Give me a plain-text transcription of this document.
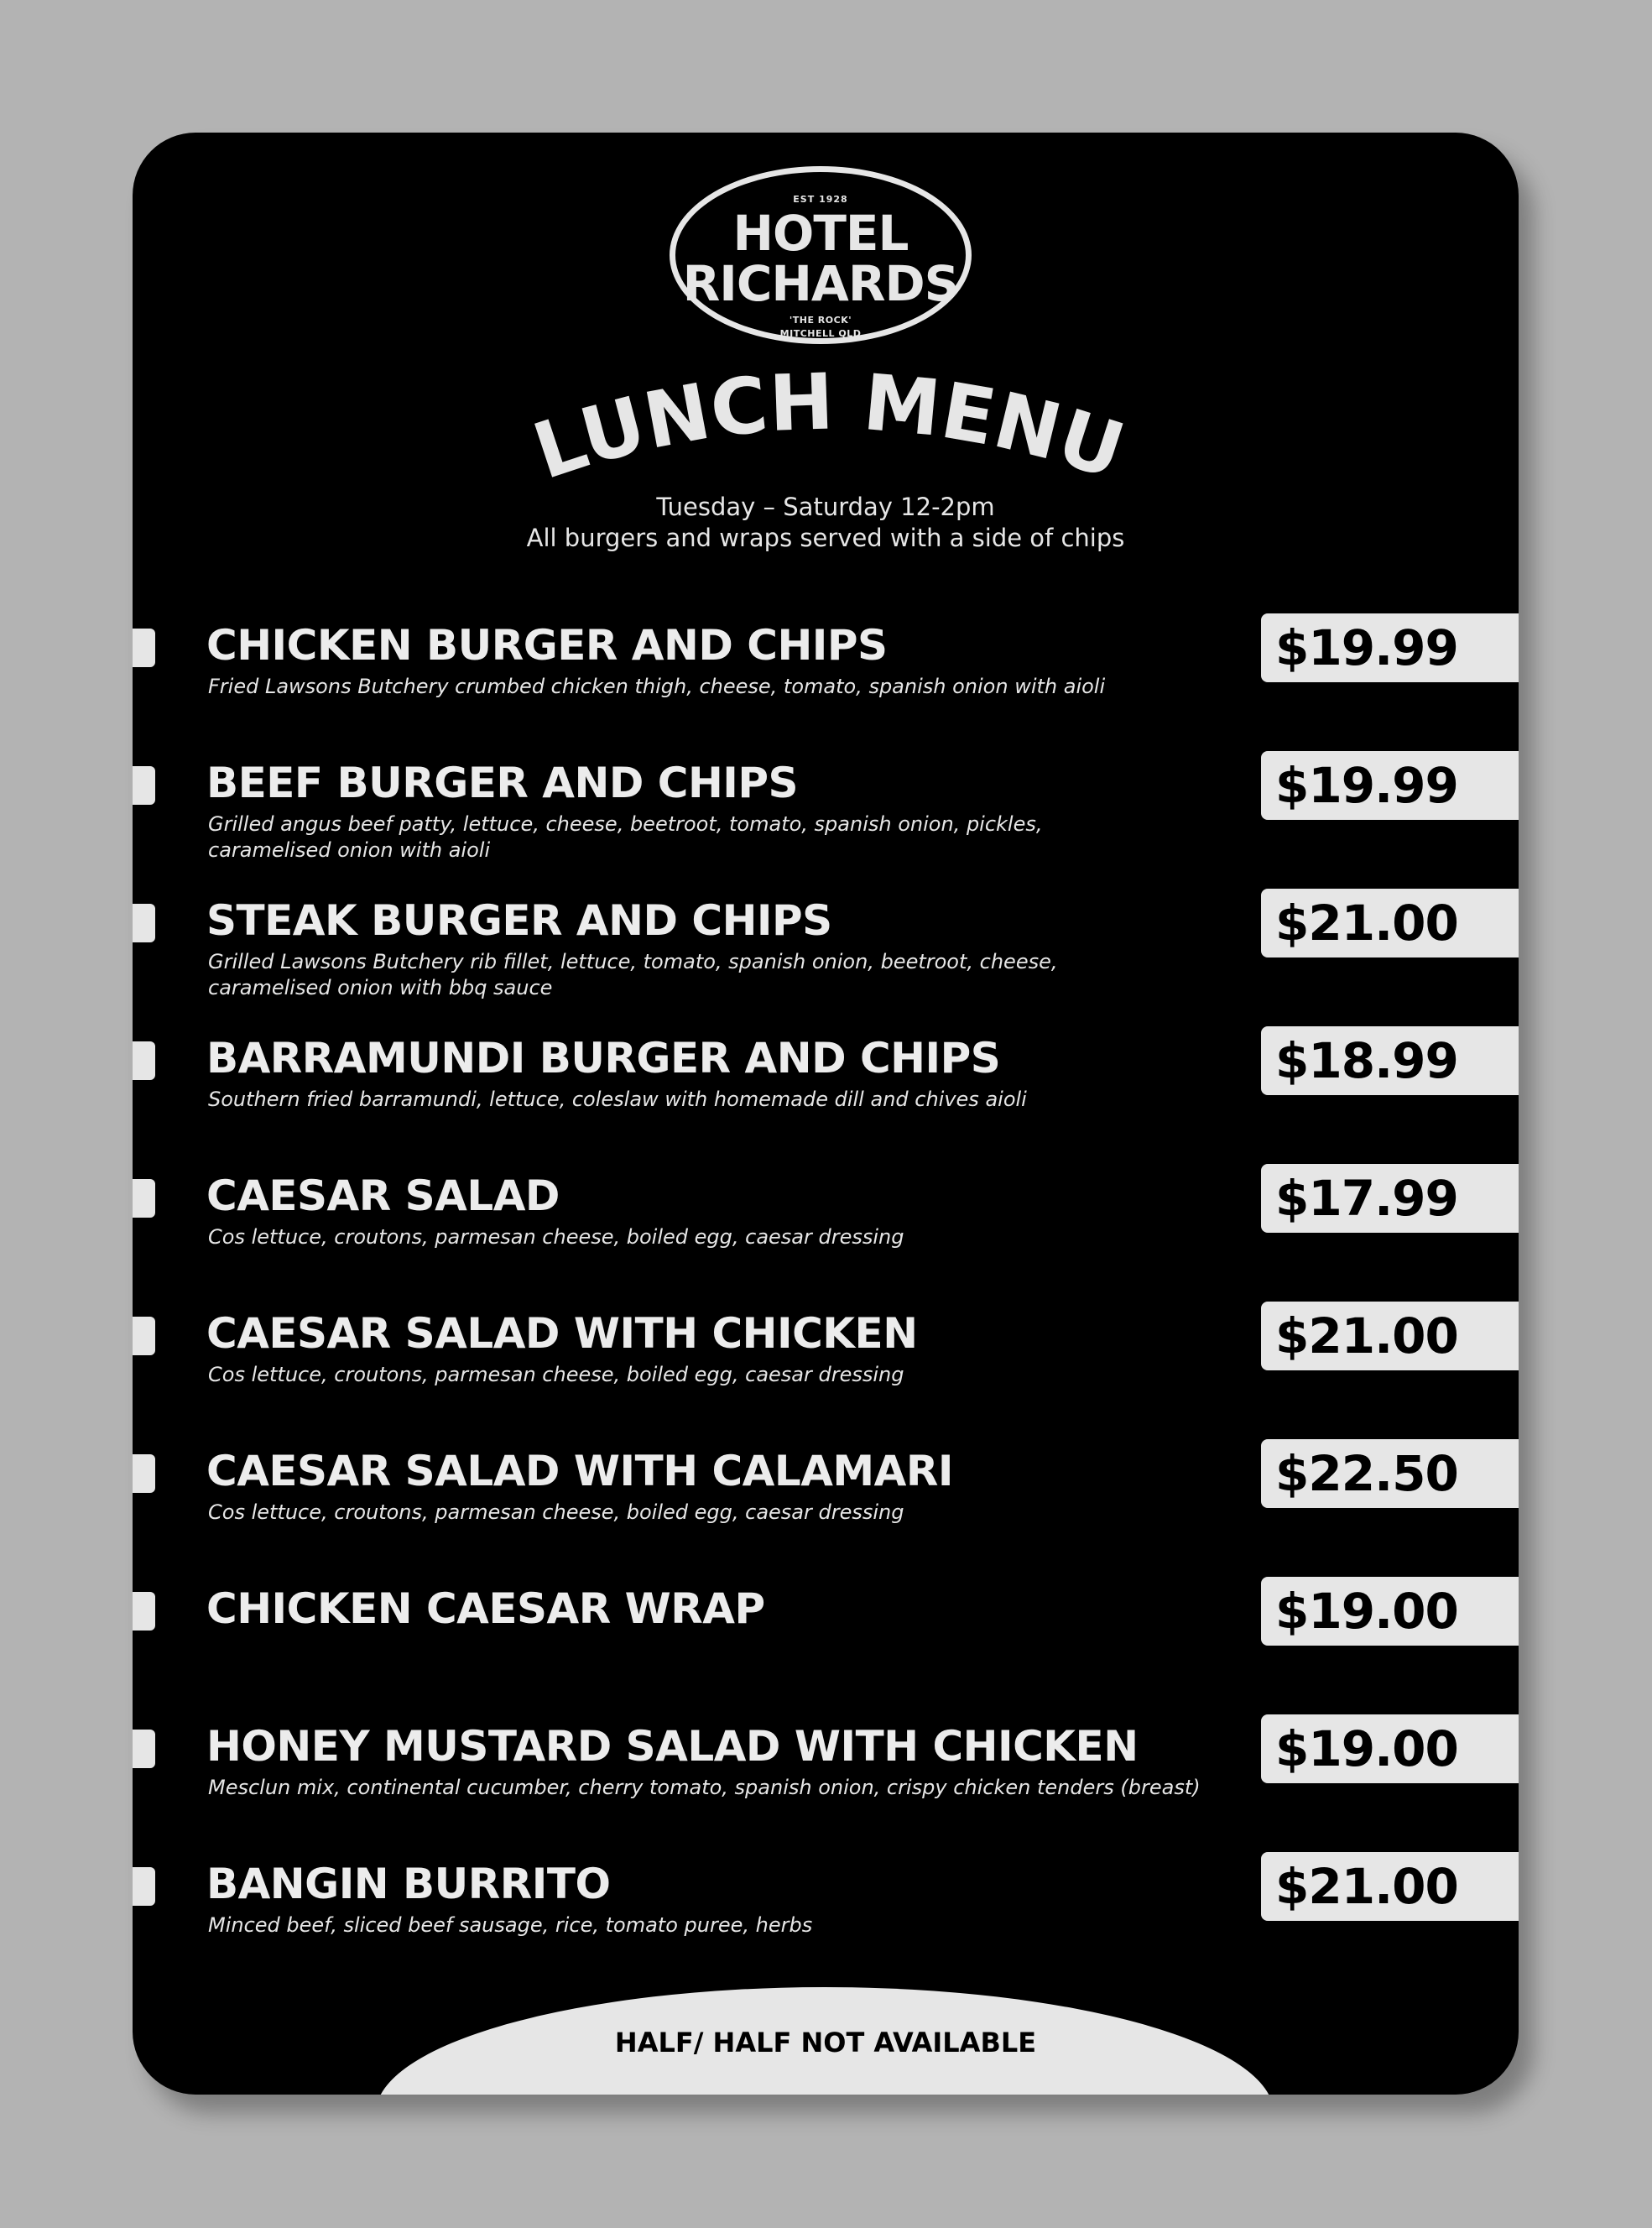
EST 1928
HOTEL
RICHARDS
'THE ROCK'
MITCHELL QLD
LUNCH MENU
Tuesday – Saturday 12-2pm
All burgers and wraps served with a side of chips
CHICKEN BURGER AND CHIPS
Fried Lawsons Butchery crumbed chicken thigh, cheese, tomato, spanish onion with aioli
$19.99
BEEF BURGER AND CHIPS
Grilled angus beef patty, lettuce, cheese, beetroot, tomato, spanish onion, pickles, caramelised onion with aioli
$19.99
STEAK BURGER AND CHIPS
Grilled Lawsons Butchery rib fillet, lettuce, tomato, spanish onion, beetroot, cheese, caramelised onion with bbq sauce
$21.00
BARRAMUNDI BURGER AND CHIPS
Southern fried barramundi, lettuce, coleslaw with homemade dill and chives aioli
$18.99
CAESAR SALAD
Cos lettuce, croutons, parmesan cheese, boiled egg, caesar dressing
$17.99
CAESAR SALAD WITH CHICKEN
Cos lettuce, croutons, parmesan cheese, boiled egg, caesar dressing
$21.00
CAESAR SALAD WITH CALAMARI
Cos lettuce, croutons, parmesan cheese, boiled egg, caesar dressing
$22.50
CHICKEN CAESAR WRAP	$19.00
HONEY MUSTARD SALAD WITH CHICKEN
Mesclun mix, continental cucumber, cherry tomato, spanish onion, crispy chicken tenders (breast)
$19.00
BANGIN BURRITO
Minced beef, sliced beef sausage, rice, tomato puree, herbs
$21.00
HALF/ HALF NOT AVAILABLE
